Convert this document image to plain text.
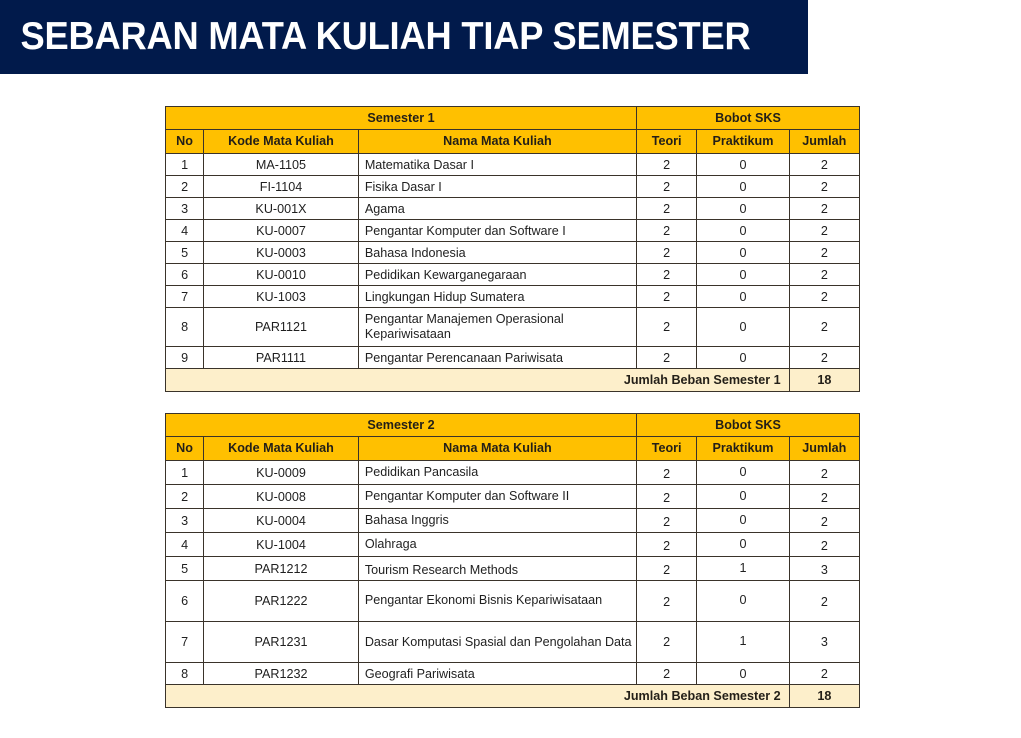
SEBARAN MATA KULIAH TIAP SEMESTER
Semester 1			Bobot SKS		
No	Kode Mata Kuliah	Nama Mata Kuliah	Teori	Praktikum	Jumlah
1	MA-1105	Matematika Dasar I	2	0	2
2	FI-1104	Fisika Dasar I	2	0	2
3	KU-001X	Agama	2	0	2
4	KU-0007	Pengantar Komputer dan Software I	2	0	2
5	KU-0003	Bahasa Indonesia	2	0	2
6	KU-0010	Pedidikan Kewarganegaraan	2	0	2
7	KU-1003	Lingkungan Hidup Sumatera	2	0	2
8	PAR1121	Pengantar Manajemen Operasional Kepariwisataan	2	0	2
9	PAR1111	Pengantar Perencanaan Pariwisata	2	0	2
Jumlah Beban Semester 1					18
Semester 2			Bobot SKS		
No	Kode Mata Kuliah	Nama Mata Kuliah	Teori	Praktikum	Jumlah
1	KU-0009	Pedidikan Pancasila	2	0	2
2	KU-0008	Pengantar Komputer dan Software II	2	0	2
3	KU-0004	Bahasa Inggris	2	0	2
4	KU-1004	Olahraga	2	0	2
5	PAR1212	Tourism Research Methods	2	1	3
6	PAR1222	Pengantar Ekonomi Bisnis Kepariwisataan	2	0	2
7	PAR1231	Dasar Komputasi Spasial dan Pengolahan Data	2	1	3
8	PAR1232	Geografi Pariwisata	2	0	2
Jumlah Beban Semester 2					18
